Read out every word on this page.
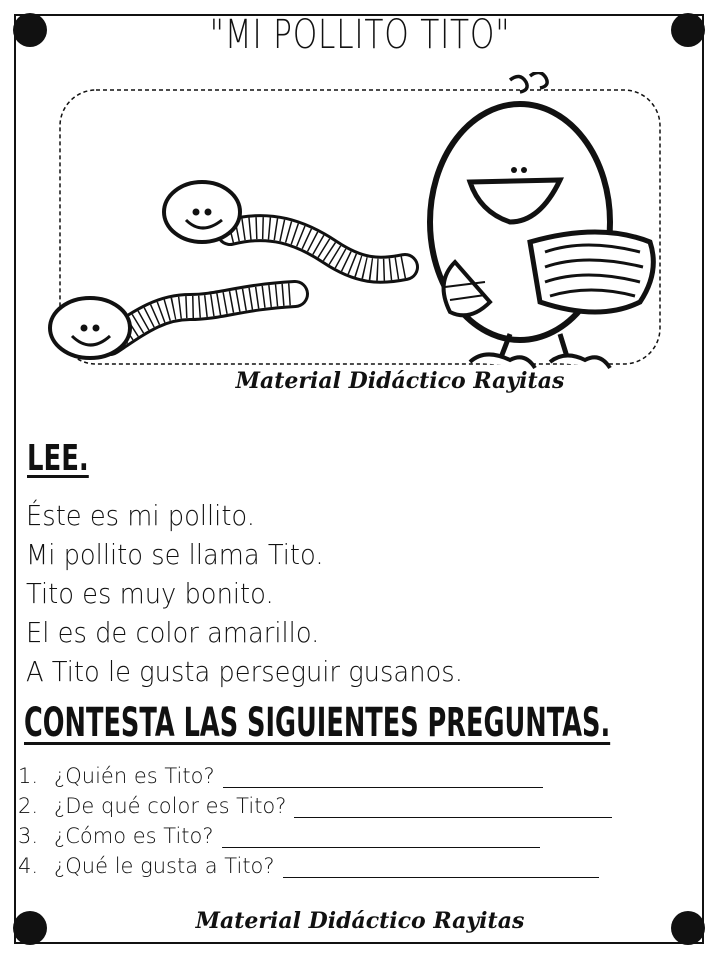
"MI POLLITO TITO"
Material Didáctico Rayitas
LEE.
Éste es mi pollito.
Mi pollito se llama Tito.
Tito es muy bonito.
El es de color amarillo.
A Tito le gusta perseguir gusanos.
CONTESTA LAS SIGUIENTES PREGUNTAS.
1. ¿Quién es Tito?
2. ¿De qué color es Tito?
3. ¿Cómo es Tito?
4. ¿Qué le gusta a Tito?
Material Didáctico Rayitas
